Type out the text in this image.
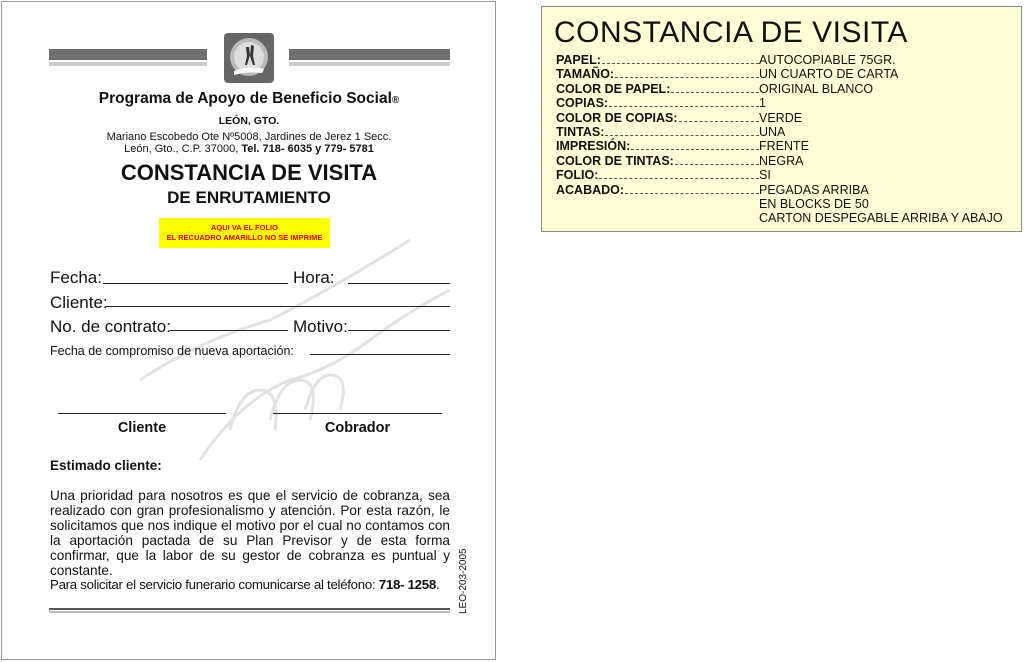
Programa de Apoyo de Beneficio Social®
LEÓN, GTO.
Mariano Escobedo Ote Nº5008, Jardines de Jerez 1 Secc.
León, Gto., C.P. 37000, Tel. 718- 6035 y 779- 5781
CONSTANCIA DE VISITA
DE ENRUTAMIENTO
AQUI VA EL FOLIO
EL RECUADRO AMARILLO NO SE IMPRIME
Fecha:	Hora:
Cliente:
No. de contrato:	Motivo:
Fecha de compromiso de nueva aportación:
Cliente	Cobrador
Estimado cliente:
Una prioridad para nosotros es que el servicio de cobranza, sea realizado con gran profesionalismo y atención. Por esta razón, le solicitamos que nos indique el motivo por el cual no contamos con la aportación pactada de su Plan Previsor y de esta forma confirmar, que la labor de su gestor de cobranza es puntual y constante.
Para solicitar el servicio funerario comunicarse al teléfono: 718- 1258. LEO-203-2005
CONSTANCIA DE VISITA
PAPEL:	AUTOCOPIABLE 75GR.
TAMAÑO:	UN CUARTO DE CARTA
COLOR DE PAPEL:	ORIGINAL BLANCO
COPIAS:	1
COLOR DE COPIAS:	VERDE
TINTAS:	UNA
IMPRESIÓN:	FRENTE
COLOR DE TINTAS:	NEGRA
FOLIO:	SI
ACABADO:	PEGADAS ARRIBA
EN BLOCKS DE 50
CARTON DESPEGABLE ARRIBA Y ABAJO
